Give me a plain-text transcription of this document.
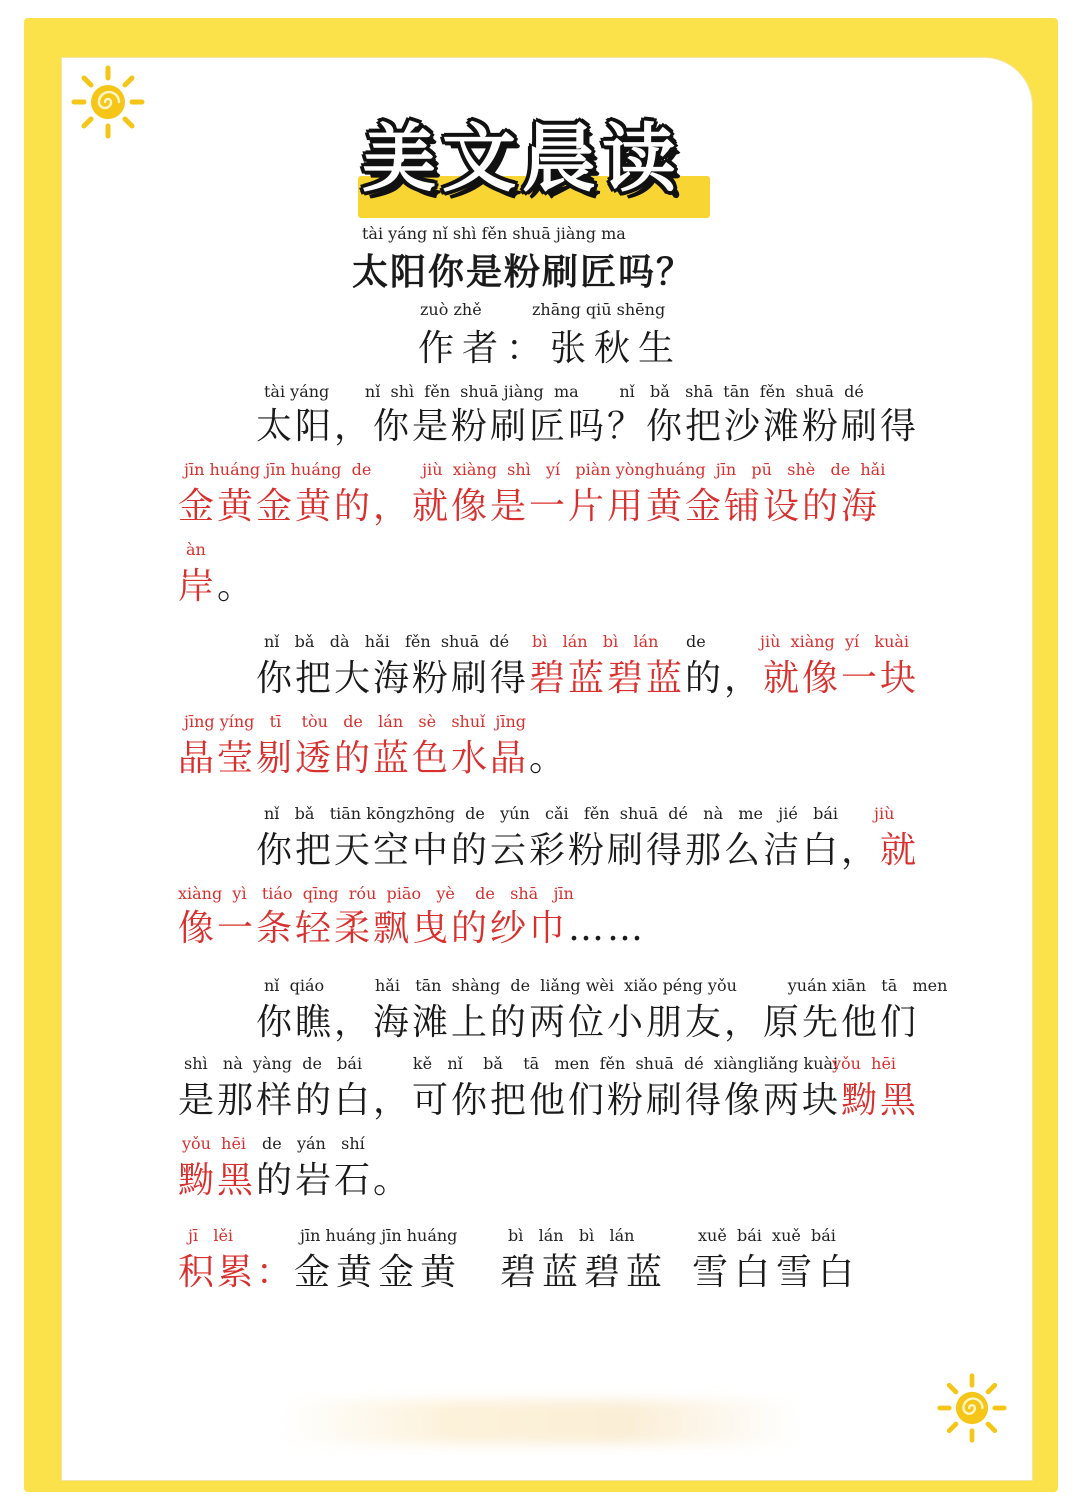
美文晨读
tài yáng nǐ shì fěn shuā jiàng ma
太阳你是粉刷匠吗？
zuò zhě	zhāng qiū shēng
作者：张秋生
tài yáng       nǐ  shì  fěn  shuā jiàng  ma        nǐ   bǎ   shā  tān  fěn  shuā  dé
太阳，你是粉刷匠吗？你把沙滩粉刷得
jīn huáng jīn huáng  de          jiù  xiàng  shì   yí   piàn yònghuáng  jīn   pū   shè   de  hǎi
金黄金黄的，就像是一片用黄金铺设的海
àn
岸 。
nǐ   bǎ   dà   hǎi   fěn  shuā  dé bì   lán   bì   lán de	jiù  xiàng  yí   kuài
你把大海粉刷得碧蓝碧蓝的，就像一块
jīng yíng   tī    tòu   de   lán   sè   shuǐ  jīng
晶莹剔透的蓝色水晶。
nǐ   bǎ   tiān kōngzhōng  de   yún   cǎi   fěn  shuā  dé   nà   me   jié   bái jiù
你把天空中的云彩粉刷得那么洁白，就
xiàng  yì   tiáo  qīng  róu  piāo   yè    de   shā   jīn
像一条轻柔飘曳的纱巾……
nǐ  qiáo          hǎi   tān  shàng  de  liǎng wèi  xiǎo péng yǒu          yuán xiān   tā   men
你瞧，海滩上的两位小朋友，原先他们
shì   nà  yàng  de   bái          kě   nǐ    bǎ    tā   men  fěn  shuā  dé  xiàngliǎng kuài
yǒu  hēi
是那样的白，可你把他们粉刷得像两块黝黑
yǒu  hēi de   yán   shí
黝黑的岩石。
jī   lěi
积累：
jīn huáng jīn huáng
金黄金黄
bì   lán   bì   lán
碧蓝碧蓝
xuě  bái  xuě  bái
雪白雪白
